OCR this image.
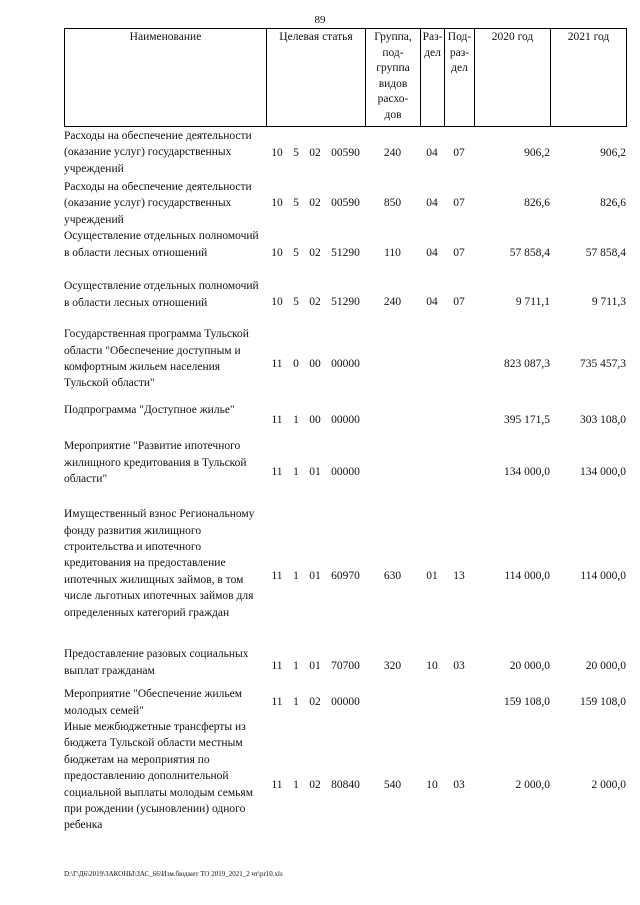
89
Наименование	Целевая статья	Группа,
под-
группа
видов
расхо-
дов	Раз-
дел	Под-
раз-
дел	2020 год	2021 год
Расходы на обеспечение деятельности (оказание услуг) государственных учреждений	10	5	02	00590	240	04	07	906,2	906,2
Расходы на обеспечение деятельности (оказание услуг) государственных учреждений	10	5	02	00590	850	04	07	826,6	826,6
Осуществление отдельных полномочий в области лесных отношений	10	5	02	51290	110	04	07	57 858,4	57 858,4
Осуществление отдельных полномочий в области лесных отношений	10	5	02	51290	240	04	07	9 711,1	9 711,3
Государственная программа Тульской области "Обеспечение доступным и комфортным жильем населения Тульской области"	11	0	00	00000				823 087,3	735 457,3
Подпрограмма "Доступное жилье"	11	1	00	00000				395 171,5	303 108,0
Мероприятие "Развитие ипотечного жилищного кредитования в Тульской области"	11	1	01	00000				134 000,0	134 000,0
Имущественный взнос Региональному фонду развития жилищного строительства и ипотечного кредитования на предоставление ипотечных жилищных займов, в том числе льготных ипотечных займов для определенных категорий граждан	11	1	01	60970	630	01	13	114 000,0	114 000,0
Предоставление разовых социальных выплат гражданам	11	1	01	70700	320	10	03	20 000,0	20 000,0
Мероприятие "Обеспечение жильем молодых семей"	11	1	02	00000				159 108,0	159 108,0
Иные межбюджетные трансферты из бюджета Тульской области местным бюджетам на мероприятия по предоставлению дополнительной социальной выплаты молодым семьям при рождении (усыновлении) одного ребенка	11	1	02	80840	540	10	03	2 000,0	2 000,0
D:\Г\Д6\2019\ЗАКОНЫ\ЗАС_66\Изм.бюджет ТО 2019_2021_2 чт\pr10.xls
